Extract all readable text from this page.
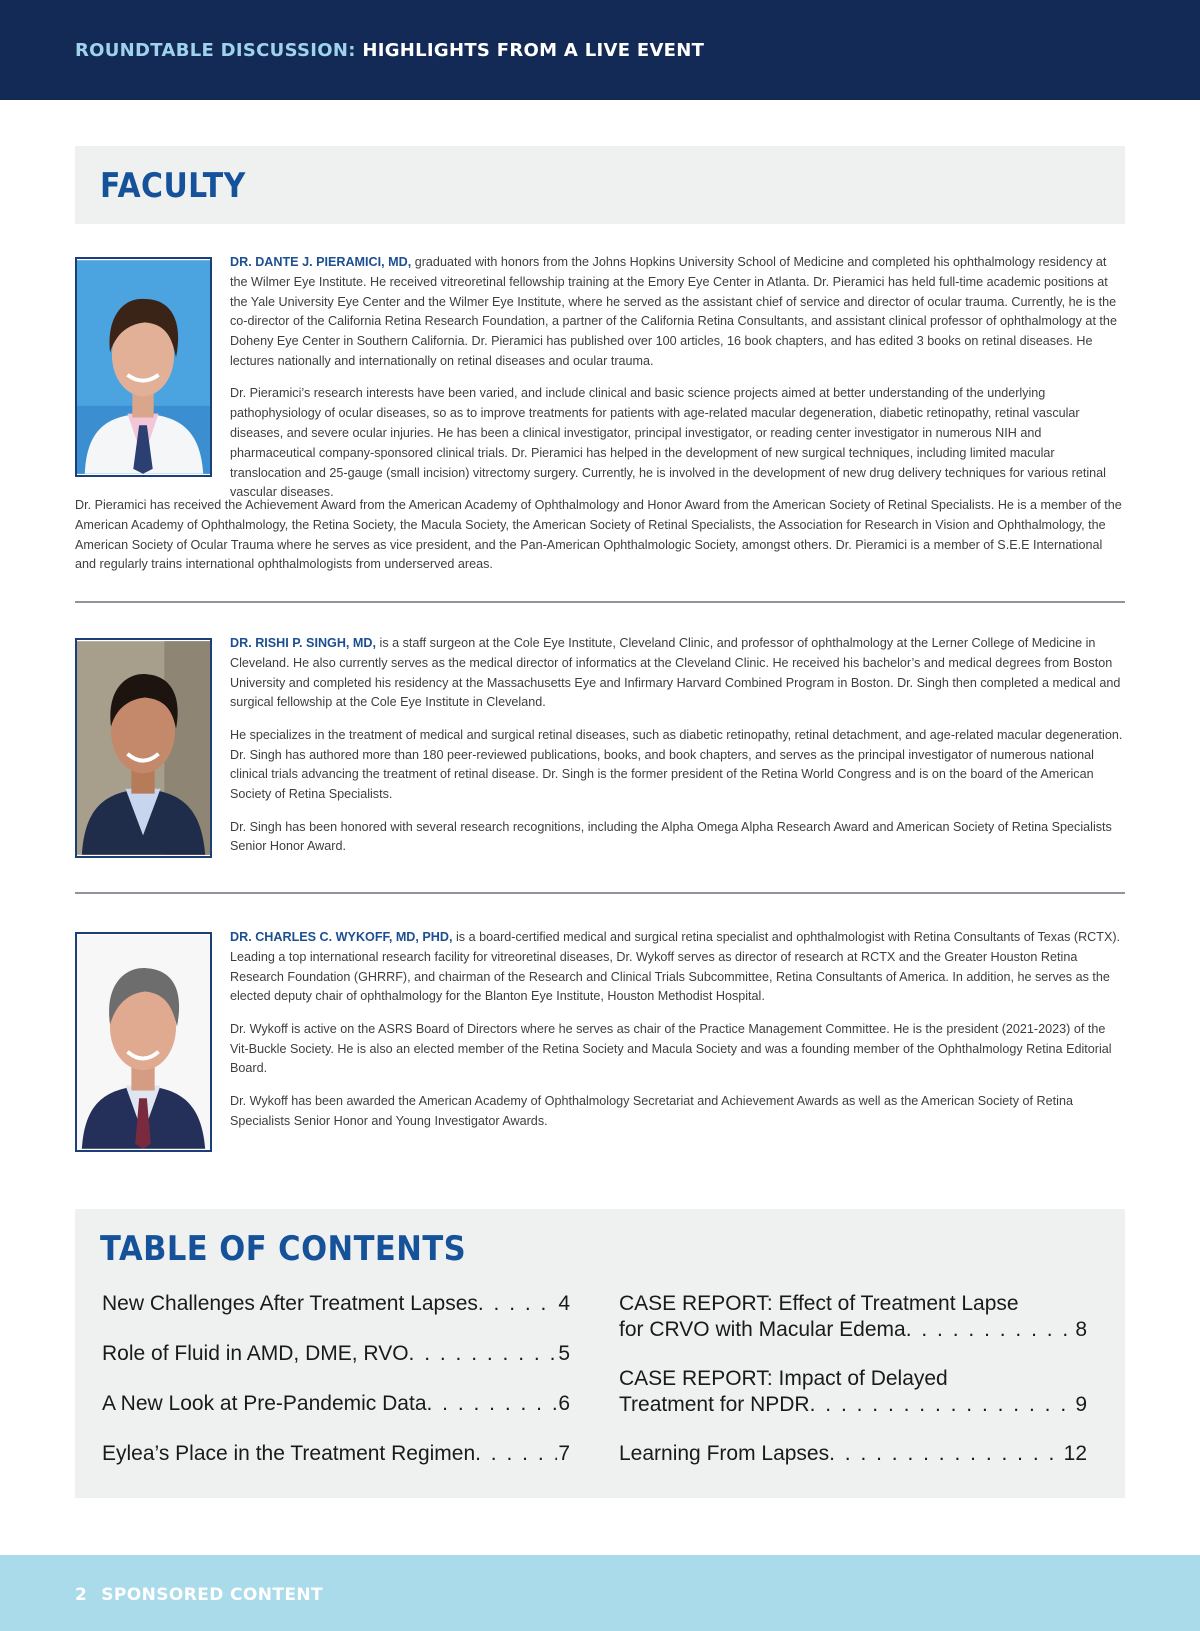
ROUNDTABLE DISCUSSION: HIGHLIGHTS FROM A LIVE EVENT
FACULTY

DR. DANTE J. PIERAMICI, MD, graduated with honors from the Johns Hopkins University School of Medicine and completed his ophthalmology residency at the Wilmer Eye Institute. He received vitreoretinal fellowship training at the Emory Eye Center in Atlanta. Dr. Pieramici has held full-time academic positions at the Yale University Eye Center and the Wilmer Eye Institute, where he served as the assistant chief of service and director of ocular trauma. Currently, he is the co-director of the California Retina Research Foundation, a partner of the California Retina Consultants, and assistant clinical professor of ophthalmology at the Doheny Eye Center in Southern California. Dr. Pieramici has published over 100 articles, 16 book chapters, and has edited 3 books on retinal diseases. He lectures nationally and internationally on retinal diseases and ocular trauma.

Dr. Pieramici’s research interests have been varied, and include clinical and basic science projects aimed at better understanding of the underlying pathophysiology of ocular diseases, so as to improve treatments for patients with age-related macular degeneration, diabetic retinopathy, retinal vascular diseases, and severe ocular injuries. He has been a clinical investigator, principal investigator, or reading center investigator in numerous NIH and pharmaceutical company-sponsored clinical trials. Dr. Pieramici has helped in the development of new surgical techniques, including limited macular translocation and 25-gauge (small incision) vitrectomy surgery. Currently, he is involved in the development of new drug delivery techniques for various retinal vascular diseases.

Dr. Pieramici has received the Achievement Award from the American Academy of Ophthalmology and Honor Award from the American Society of Retinal Specialists. He is a member of the American Academy of Ophthalmology, the Retina Society, the Macula Society, the American Society of Retinal Specialists, the Association for Research in Vision and Ophthalmology, the American Society of Ocular Trauma where he serves as vice president, and the Pan-American Ophthalmologic Society, amongst others. Dr. Pieramici is a member of S.E.E International and regularly trains international ophthalmologists from underserved areas.

DR. RISHI P. SINGH, MD, is a staff surgeon at the Cole Eye Institute, Cleveland Clinic, and professor of ophthalmology at the Lerner College of Medicine in Cleveland. He also currently serves as the medical director of informatics at the Cleveland Clinic. He received his bachelor’s and medical degrees from Boston University and completed his residency at the Massachusetts Eye and Infirmary Harvard Combined Program in Boston. Dr. Singh then completed a medical and surgical fellowship at the Cole Eye Institute in Cleveland.

He specializes in the treatment of medical and surgical retinal diseases, such as diabetic retinopathy, retinal detachment, and age-related macular degeneration. Dr. Singh has authored more than 180 peer-reviewed publications, books, and book chapters, and serves as the principal investigator of numerous national clinical trials advancing the treatment of retinal disease. Dr. Singh is the former president of the Retina World Congress and is on the board of the American Society of Retina Specialists.

Dr. Singh has been honored with several research recognitions, including the Alpha Omega Alpha Research Award and American Society of Retina Specialists Senior Honor Award.

DR. CHARLES C. WYKOFF, MD, PHD, is a board-certified medical and surgical retina specialist and ophthalmologist with Retina Consultants of Texas (RCTX). Leading a top international research facility for vitreoretinal diseases, Dr. Wykoff serves as director of research at RCTX and the Greater Houston Retina Research Foundation (GHRRF), and chairman of the Research and Clinical Trials Subcommittee, Retina Consultants of America. In addition, he serves as the elected deputy chair of ophthalmology for the Blanton Eye Institute, Houston Methodist Hospital.

Dr. Wykoff is active on the ASRS Board of Directors where he serves as chair of the Practice Management Committee. He is the president (2021-2023) of the Vit-Buckle Society. He is also an elected member of the Retina Society and Macula Society and was a founding member of the Ophthalmology Retina Editorial Board.

Dr. Wykoff has been awarded the American Academy of Ophthalmology Secretariat and Achievement Awards as well as the American Society of Retina Specialists Senior Honor and Young Investigator Awards.

TABLE OF CONTENTS
New Challenges After Treatment Lapses . . .	4
Role of Fluid in AMD, DME, RVO . . .	5
A New Look at Pre-Pandemic Data . . .	6
Eylea’s Place in the Treatment Regimen . . .	7
CASE REPORT: Effect of Treatment Lapse
for CRVO with Macular Edema . . .	8
CASE REPORT: Impact of Delayed
Treatment for NPDR . . .	9
Learning From Lapses . . .	12
2 SPONSORED CONTENT
